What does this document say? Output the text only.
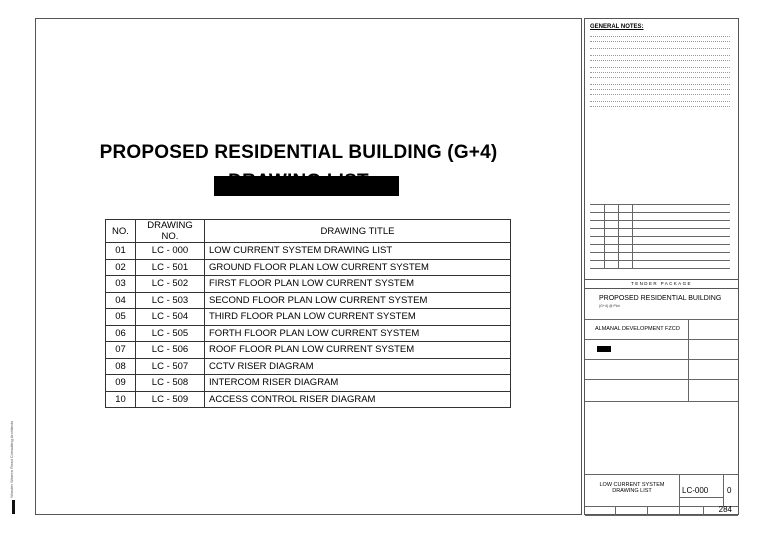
PROPOSED RESIDENTIAL BUILDING (G+4)
NO.	DRAWING NO.	DRAWING TITLE
01	LC - 000	LOW CURRENT SYSTEM DRAWING LIST
02	LC - 501	GROUND FLOOR PLAN LOW CURRENT SYSTEM
03	LC - 502	FIRST FLOOR PLAN LOW CURRENT SYSTEM
04	LC - 503	SECOND FLOOR PLAN LOW CURRENT SYSTEM
05	LC - 504	THIRD FLOOR PLAN LOW CURRENT SYSTEM
06	LC - 505	FORTH FLOOR PLAN LOW CURRENT SYSTEM
07	LC - 506	ROOF FLOOR PLAN LOW CURRENT SYSTEM
08	LC - 507	CCTV RISER DIAGRAM
09	LC - 508	INTERCOM RISER DIAGRAM
10	LC - 509	ACCESS CONTROL RISER DIAGRAM
Wonder Warren Road Consulting Architects
GENERAL NOTES:
TENDER PACKAGE
PROPOSED RESIDENTIAL BUILDING
(G+4) @ Plot
ALMANAL DEVELOPMENT FZCO
LOW CURRENT SYSTEM
DRAWING LIST	LC-000 0
284
